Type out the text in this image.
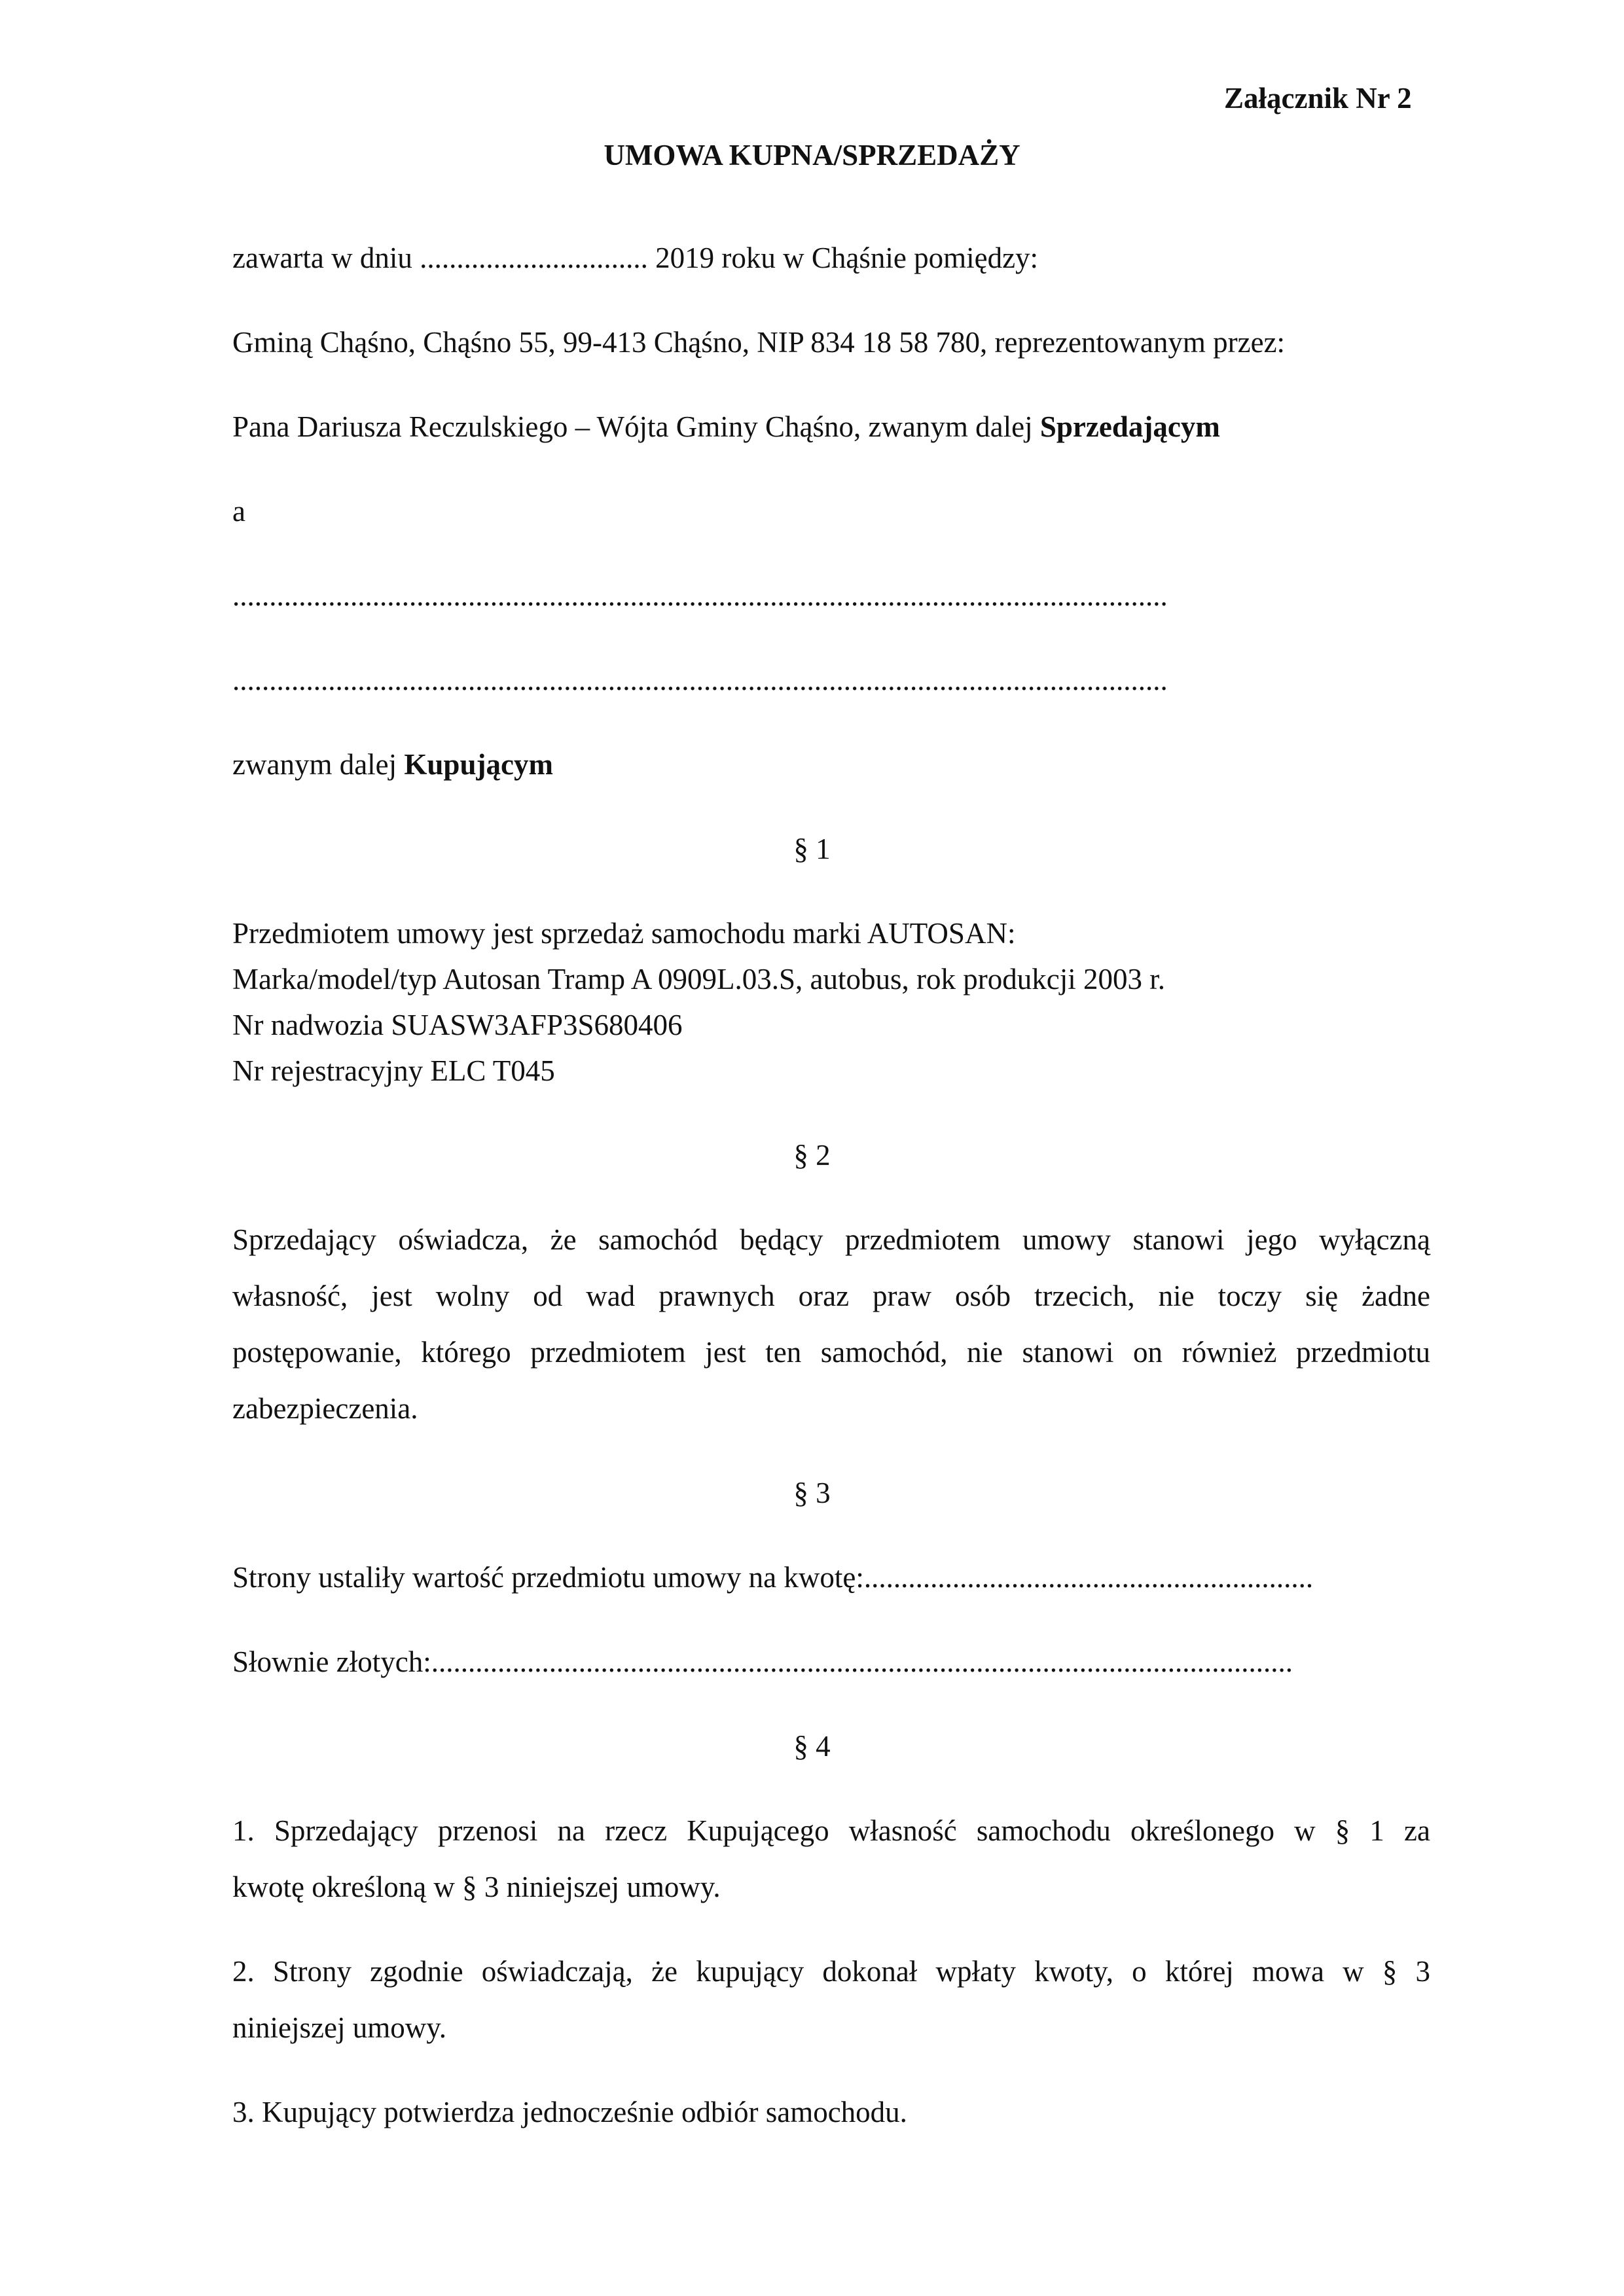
Załącznik Nr 2
UMOWA KUPNA/SPRZEDAŻY
zawarta w dniu ............................... 2019 roku w Chąśnie pomiędzy:
Gminą Chąśno, Chąśno 55, 99-413 Chąśno, NIP 834 18 58 780, reprezentowanym przez:
Pana Dariusza Reczulskiego – Wójta Gminy Chąśno, zwanym dalej Sprzedającym
a
...............................................................................................................................
...............................................................................................................................
zwanym dalej Kupującym
§ 1
Przedmiotem umowy jest sprzedaż samochodu marki AUTOSAN:
Marka/model/typ Autosan Tramp A 0909L.03.S, autobus, rok produkcji 2003 r.
Nr nadwozia SUASW3AFP3S680406
Nr rejestracyjny ELC T045
§ 2
Sprzedający oświadcza, że samochód będący przedmiotem umowy stanowi jego wyłączną
własność, jest wolny od wad prawnych oraz praw osób trzecich, nie toczy się żadne
postępowanie, którego przedmiotem jest ten samochód, nie stanowi on również przedmiotu
zabezpieczenia.
§ 3
Strony ustaliły wartość przedmiotu umowy na kwotę:.............................................................
Słownie złotych:.....................................................................................................................
§ 4
1. Sprzedający przenosi na rzecz Kupującego własność samochodu określonego w § 1 za
kwotę określoną w § 3 niniejszej umowy.
2. Strony zgodnie oświadczają, że kupujący dokonał wpłaty kwoty, o której mowa w § 3
niniejszej umowy.
3. Kupujący potwierdza jednocześnie odbiór samochodu.
